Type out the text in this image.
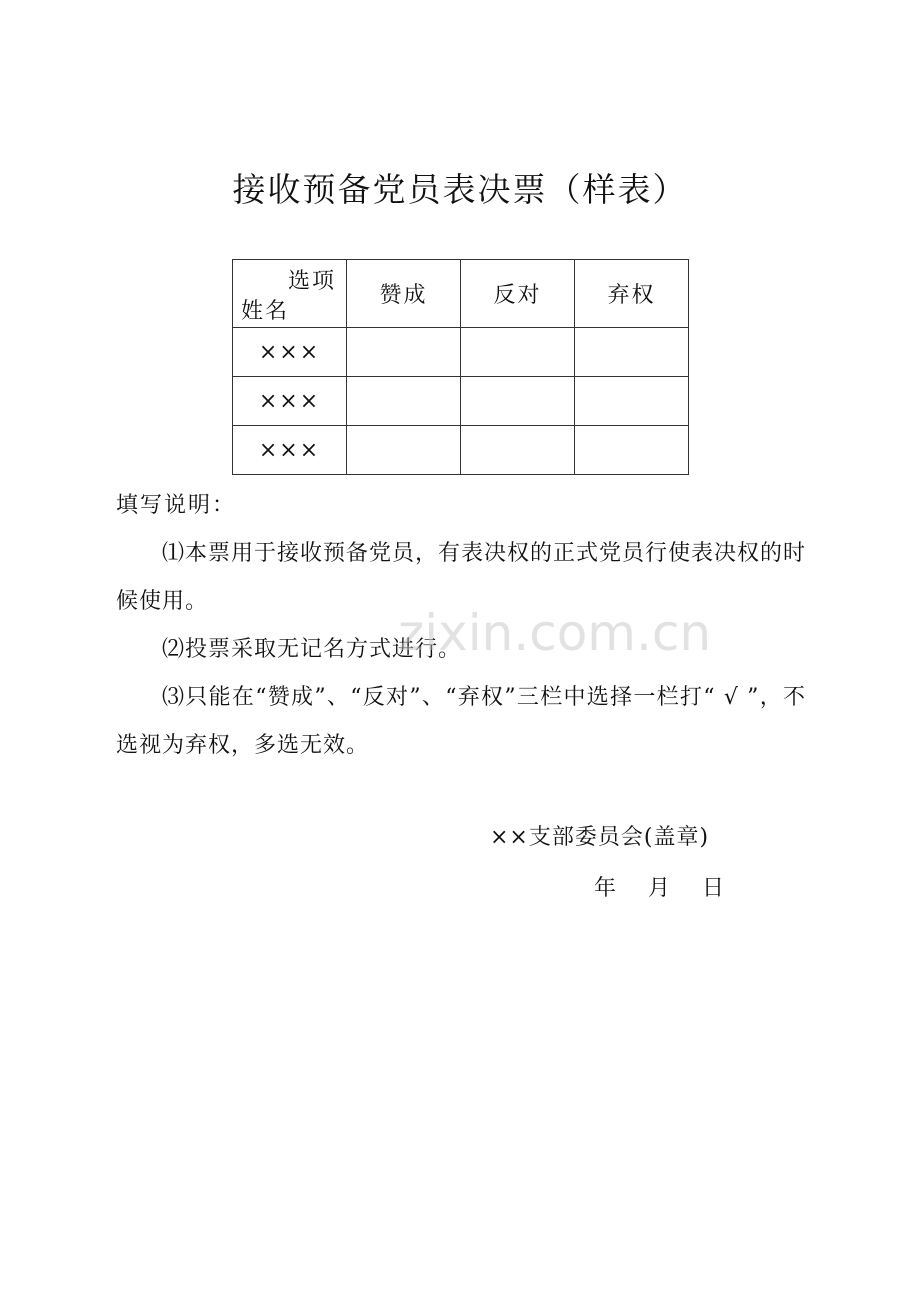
接收预备党员表决票（样表）
选项
姓名	赞成	反对	弃权
×××			
×××			
×××			

填写说明：

⑴本票用于接收预备党员，有表决权的正式党员行使表决权的时候使用。

⑵投票采取无记名方式进行。

⑶只能在“赞成”、“反对”、“弃权”三栏中选择一栏打“ √ ”，不选视为弃权，多选无效。

zixin.com.cn
××支部委员会(盖章)
年 月 日
